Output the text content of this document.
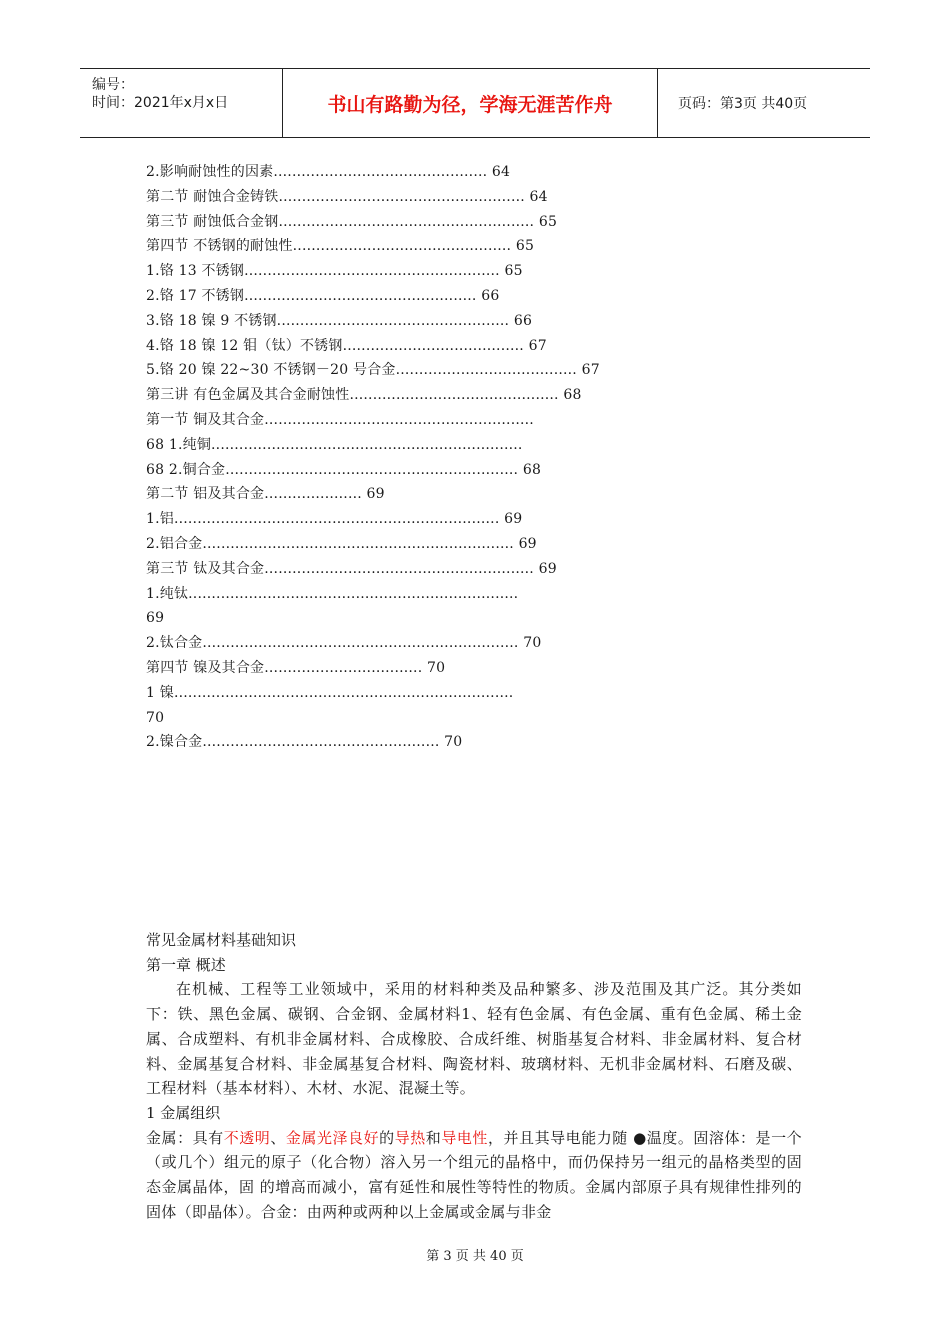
编号：
时间：2021年x月x日	书山有路勤为径，学海无涯苦作舟	页码：第3页 共40页
2.影响耐蚀性的因素.............................................. 64
第二节 耐蚀合金铸铁..................................................... 64
第三节 耐蚀低合金钢....................................................... 65
第四节 不锈钢的耐蚀性............................................... 65
1.铬 13 不锈钢....................................................... 65
2.铬 17 不锈钢.................................................. 66
3.铬 18 镍 9 不锈钢.................................................. 66
4.铬 18 镍 12 钼（钛）不锈钢....................................... 67
5.铬 20 镍 22~30 不锈钢－20 号合金....................................... 67
第三讲 有色金属及其合金耐蚀性............................................. 68
第一节 铜及其合金..........................................................
68 1.纯铜...................................................................
68 2.铜合金............................................................... 68
第二节 铝及其合金..................... 69
1.铝...................................................................... 69
2.铝合金................................................................... 69
第三节 钛及其合金.......................................................... 69
1.纯钛.......................................................................
69
2.钛合金.................................................................... 70
第四节 镍及其合金.................................. 70
1 镍.........................................................................
70
2.镍合金................................................... 70
常见金属材料基础知识
第一章 概述
在机械、工程等工业领域中，采用的材料种类及品种繁多、涉及范围及其广泛。其分类如下：铁、黑色金属、碳钢、合金钢、金属材料1、轻有色金属、有色金属、重有色金属、稀土金属、合成塑料、有机非金属材料、合成橡胶、合成纤维、树脂基复合材料、非金属材料、复合材料、金属基复合材料、非金属基复合材料、陶瓷材料、玻璃材料、无机非金属材料、石磨及碳、工程材料（基本材料）、木材、水泥、混凝土等。
1 金属组织
金属：具有不透明、金属光泽良好的导热和导电性，并且其导电能力随 ●温度。固溶体：是一个（或几个）组元的原子（化合物）溶入另一个组元的晶格中，而仍保持另一组元的晶格类型的固态金属晶体，固 的增高而减小，富有延性和展性等特性的物质。金属内部原子具有规律性排列的固体（即晶体）。合金：由两种或两种以上金属或金属与非金
第 3 页 共 40 页
